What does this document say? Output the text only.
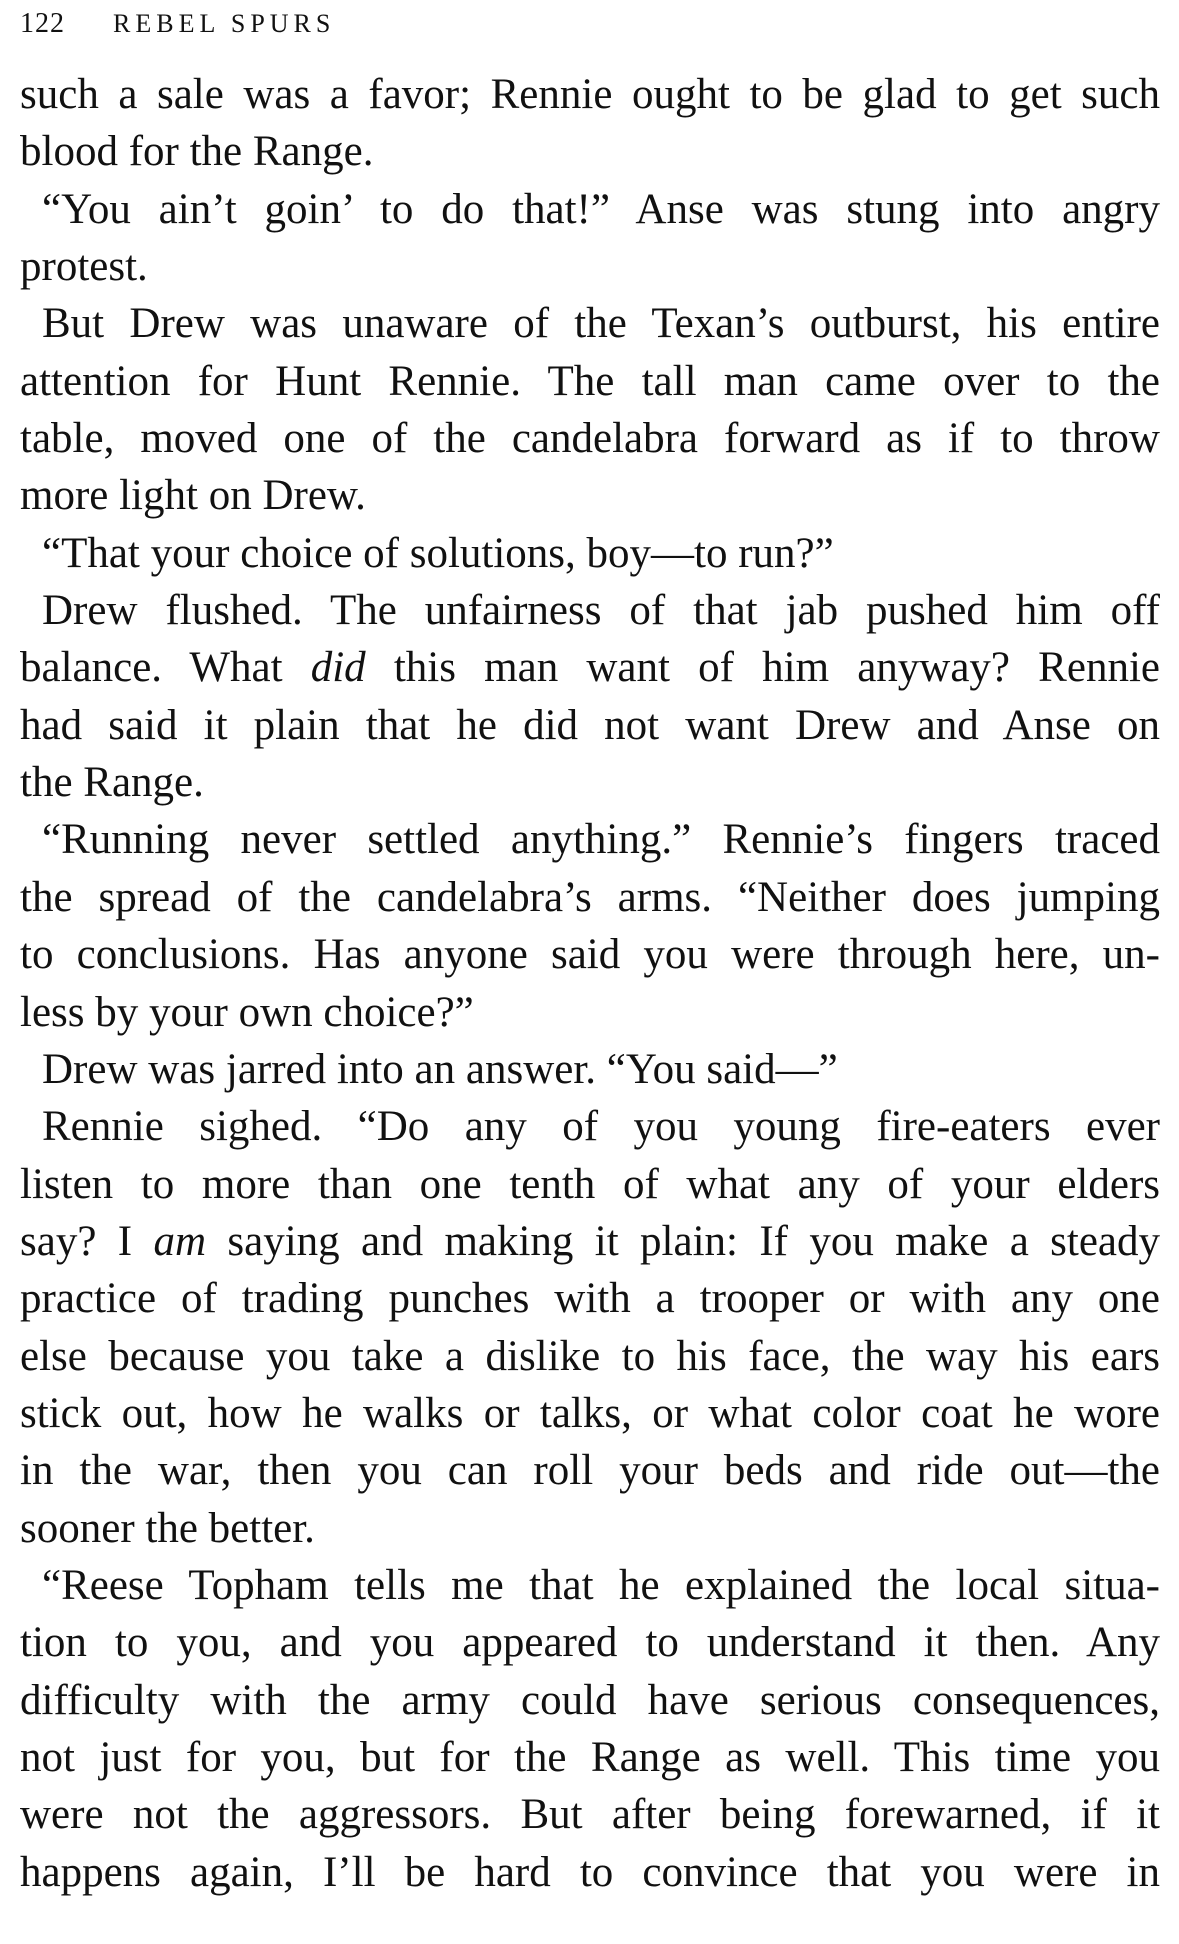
122 REBEL SPURS
such a sale was a favor; Rennie ought to be glad to get such
blood for the Range.
“You ain’t goin’ to do that!” Anse was stung into angry
protest.
But Drew was unaware of the Texan’s outburst, his entire
attention for Hunt Rennie. The tall man came over to the
table, moved one of the candelabra forward as if to throw
more light on Drew.
“That your choice of solutions, boy—to run?”
Drew flushed. The unfairness of that jab pushed him off
balance. What did this man want of him anyway? Rennie
had said it plain that he did not want Drew and Anse on
the Range.
“Running never settled anything.” Rennie’s fingers traced
the spread of the candelabra’s arms. “Neither does jumping
to conclusions. Has anyone said you were through here, un-
less by your own choice?”
Drew was jarred into an answer. “You said—”
Rennie sighed. “Do any of you young fire-eaters ever
listen to more than one tenth of what any of your elders
say? I am saying and making it plain: If you make a steady
practice of trading punches with a trooper or with any one
else because you take a dislike to his face, the way his ears
stick out, how he walks or talks, or what color coat he wore
in the war, then you can roll your beds and ride out—the
sooner the better.
“Reese Topham tells me that he explained the local situa-
tion to you, and you appeared to understand it then. Any
difficulty with the army could have serious consequences,
not just for you, but for the Range as well. This time you
were not the aggressors. But after being forewarned, if it
happens again, I’ll be hard to convince that you were in
